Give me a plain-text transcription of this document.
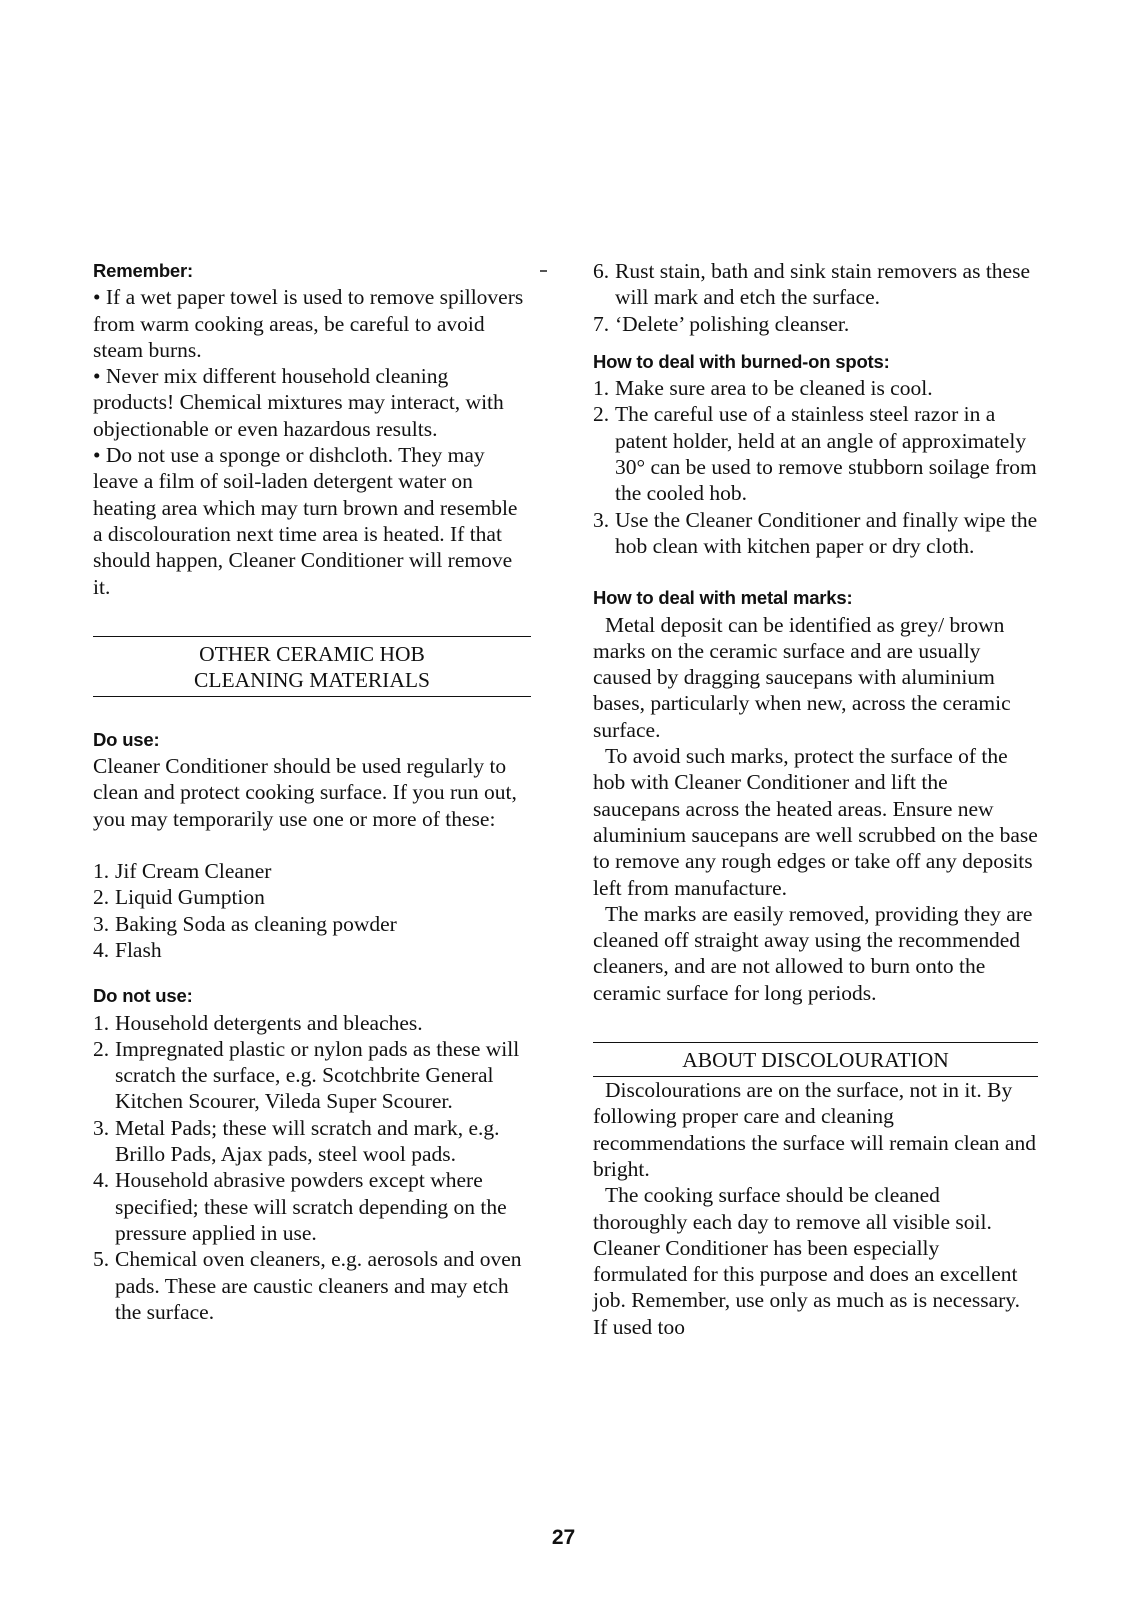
Remember:

• If a wet paper towel is used to remove spillovers from warm cooking areas, be careful to avoid steam burns.

• Never mix different household cleaning products! Chemical mixtures may interact, with objectionable or even hazardous results.

• Do not use a sponge or dishcloth. They may leave a film of soil-laden detergent water on heating area which may turn brown and resemble a discolouration next time area is heated. If that should happen, Cleaner Conditioner will remove it.

OTHER CERAMIC HOB
CLEANING MATERIALS

Do use:

Cleaner Conditioner should be used regularly to clean and protect cooking surface. If you run out, you may temporarily use one or more of these:

1. Jif Cream Cleaner
2. Liquid Gumption
3. Baking Soda as cleaning powder
4. Flash

Do not use:

1. Household detergents and bleaches.
2. Impregnated plastic or nylon pads as these will scratch the surface, e.g. Scotchbrite General Kitchen Scourer, Vileda Super Scourer.
3. Metal Pads; these will scratch and mark, e.g. Brillo Pads, Ajax pads, steel wool pads.
4. Household abrasive powders except where specified; these will scratch depending on the pressure applied in use.
5. Chemical oven cleaners, e.g. aerosols and oven pads. These are caustic cleaners and may etch the surface.
6. Rust stain, bath and sink stain removers as these will mark and etch the surface.
7. ‘Delete’ polishing cleanser.

How to deal with burned-on spots:

1. Make sure area to be cleaned is cool.
2. The careful use of a stainless steel razor in a patent holder, held at an angle of approximately 30° can be used to remove stubborn soilage from the cooled hob.
3. Use the Cleaner Conditioner and finally wipe the hob clean with kitchen paper or dry cloth.

How to deal with metal marks:

Metal deposit can be identified as grey/ brown marks on the ceramic surface and are usually caused by dragging saucepans with aluminium bases, particularly when new, across the ceramic surface.

To avoid such marks, protect the surface of the hob with Cleaner Conditioner and lift the saucepans across the heated areas. Ensure new aluminium saucepans are well scrubbed on the base to remove any rough edges or take off any deposits left from manufacture.

The marks are easily removed, providing they are cleaned off straight away using the recommended cleaners, and are not allowed to burn onto the ceramic surface for long periods.

ABOUT DISCOLOURATION

Discolourations are on the surface, not in it. By following proper care and cleaning recommendations the surface will remain clean and bright.

The cooking surface should be cleaned thoroughly each day to remove all visible soil. Cleaner Conditioner has been especially formulated for this purpose and does an excellent job. Remember, use only as much as is necessary. If used too

27
